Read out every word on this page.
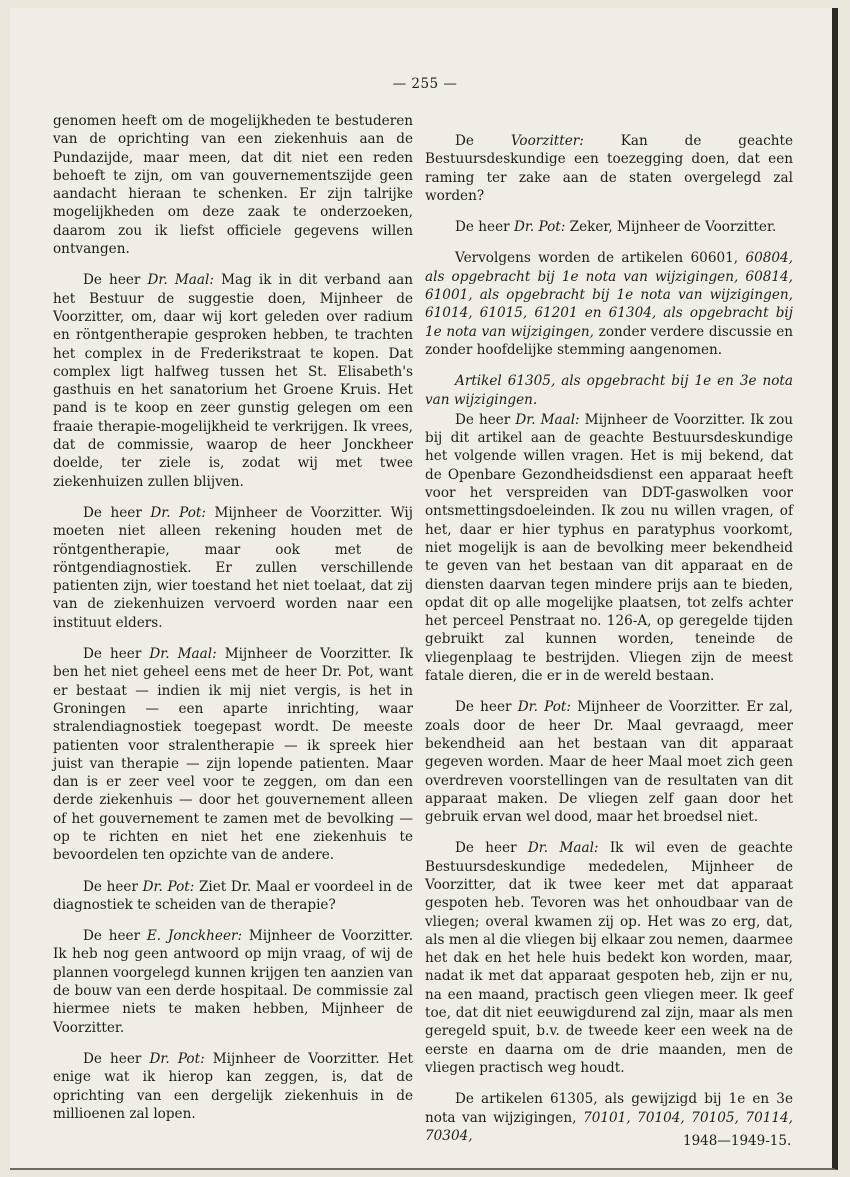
— 255 —

genomen heeft om de mogelijkheden te bestuderen van de oprichting van een ziekenhuis aan de Pundazijde, maar meen, dat dit niet een reden behoeft te zijn, om van gouvernementszijde geen aandacht hieraan te schenken. Er zijn talrijke mogelijkheden om deze zaak te onderzoeken, daarom zou ik liefst officiele gegevens willen ontvangen.

De heer Dr. Maal: Mag ik in dit verband aan het Bestuur de suggestie doen, Mijnheer de Voorzitter, om, daar wij kort geleden over radium en röntgentherapie gesproken hebben, te trachten het complex in de Frederikstraat te kopen. Dat complex ligt halfweg tussen het St. Elisabeth's gasthuis en het sanatorium het Groene Kruis. Het pand is te koop en zeer gunstig gelegen om een fraaie therapie-mogelijkheid te verkrijgen. Ik vrees, dat de commissie, waarop de heer Jonckheer doelde, ter ziele is, zodat wij met twee ziekenhuizen zullen blijven.

De heer Dr. Pot: Mijnheer de Voorzitter. Wij moeten niet alleen rekening houden met de röntgentherapie, maar ook met de röntgendiagnostiek. Er zullen verschillende patienten zijn, wier toestand het niet toelaat, dat zij van de ziekenhuizen vervoerd worden naar een instituut elders.

De heer Dr. Maal: Mijnheer de Voorzitter. Ik ben het niet geheel eens met de heer Dr. Pot, want er bestaat — indien ik mij niet vergis, is het in Groningen — een aparte inrichting, waar stralendiagnostiek toegepast wordt. De meeste patienten voor stralentherapie — ik spreek hier juist van therapie — zijn lopende patienten. Maar dan is er zeer veel voor te zeggen, om dan een derde ziekenhuis — door het gouvernement alleen of het gouvernement te zamen met de bevolking — op te richten en niet het ene ziekenhuis te bevoordelen ten opzichte van de andere.

De heer Dr. Pot: Ziet Dr. Maal er voordeel in de diagnostiek te scheiden van de therapie?

De heer E. Jonckheer: Mijnheer de Voorzitter. Ik heb nog geen antwoord op mijn vraag, of wij de plannen voorgelegd kunnen krijgen ten aanzien van de bouw van een derde hospitaal. De commissie zal hiermee niets te maken hebben, Mijnheer de Voorzitter.

De heer Dr. Pot: Mijnheer de Voorzitter. Het enige wat ik hierop kan zeggen, is, dat de oprichting van een dergelijk ziekenhuis in de millioenen zal lopen.

De	Voorzitter:	Kan de geachte Bestuursdeskundige een toezegging doen, dat een raming ter zake aan de staten overgelegd zal worden?

De heer Dr. Pot: Zeker, Mijnheer de Voorzitter.

Vervolgens worden de artikelen 60601, 60804, als opgebracht bij 1e nota van wijzigingen, 60814, 61001, als opgebracht bij 1e nota van wijzigingen, 61014, 61015, 61201 en 61304, als opgebracht bij 1e nota van wijzigingen, zonder verdere discussie en zonder hoofdelijke stemming aangenomen.

Artikel 61305, als opgebracht bij 1e en 3e nota van wijzigingen.

De heer Dr. Maal: Mijnheer de Voorzitter. Ik zou bij dit artikel aan de geachte Bestuursdeskundige het volgende willen vragen. Het is mij bekend, dat de Openbare Gezondheidsdienst een apparaat heeft voor het verspreiden van DDT-gaswolken voor ontsmettingsdoeleinden. Ik zou nu willen vragen, of het, daar er hier typhus en paratyphus voorkomt, niet mogelijk is aan de bevolking meer bekendheid te geven van het bestaan van dit apparaat en de diensten daarvan tegen mindere prijs aan te bieden, opdat dit op alle mogelijke plaatsen, tot zelfs achter het perceel Penstraat no. 126-A, op geregelde tijden gebruikt zal kunnen worden, teneinde de vliegenplaag te bestrijden. Vliegen zijn de meest fatale dieren, die er in de wereld bestaan.

De heer Dr. Pot: Mijnheer de Voorzitter. Er zal, zoals door de heer Dr. Maal gevraagd, meer bekendheid aan het bestaan van dit apparaat gegeven worden. Maar de heer Maal moet zich geen overdreven voorstellingen van de resultaten van dit apparaat maken. De vliegen zelf gaan door het gebruik ervan wel dood, maar het broedsel niet.

De heer Dr. Maal: Ik wil even de geachte Bestuursdeskundige mededelen, Mijnheer de Voorzitter, dat ik twee keer met dat apparaat gespoten heb. Tevoren was het onhoudbaar van de vliegen; overal kwamen zij op. Het was zo erg, dat, als men al die vliegen bij elkaar zou nemen, daarmee het dak en het hele huis bedekt kon worden, maar, nadat ik met dat apparaat gespoten heb, zijn er nu, na een maand, practisch geen vliegen meer. Ik geef toe, dat dit niet eeuwigdurend zal zijn, maar als men geregeld spuit, b.v. de tweede keer een week na de eerste en daarna om de drie maanden, men de vliegen practisch weg houdt.

De artikelen 61305, als gewijzigd bij 1e en 3e nota van wijzigingen, 70101, 70104, 70105, 70114, 70304,	1948—1949-15.
